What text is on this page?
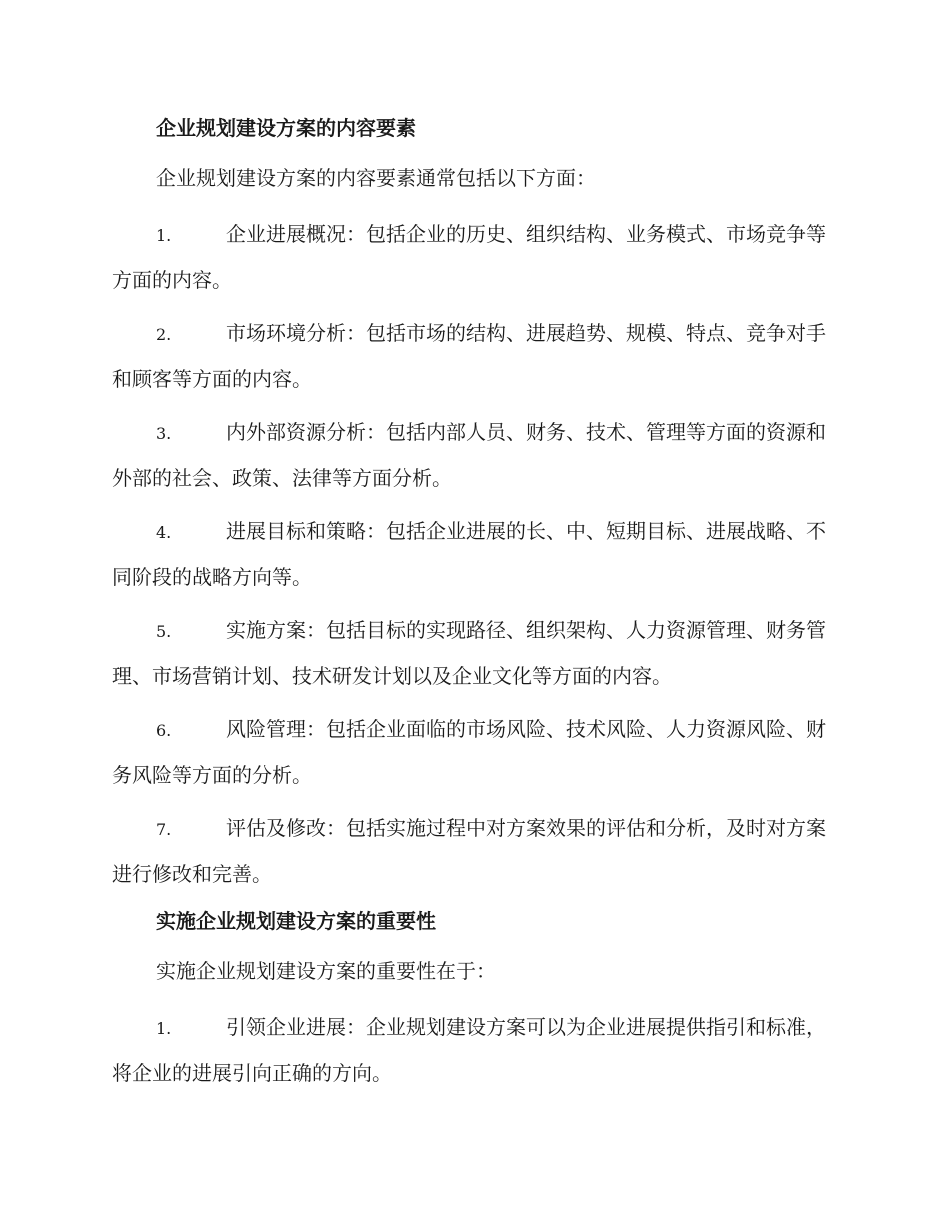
企业规划建设方案的内容要素
企业规划建设方案的内容要素通常包括以下方面：
1.	企业进展概况：包括企业的历史、组织结构、业务模式、市场竞争等方面的内容。
2.	市场环境分析：包括市场的结构、进展趋势、规模、特点、竞争对手和顾客等方面的内容。
3.	内外部资源分析：包括内部人员、财务、技术、管理等方面的资源和外部的社会、政策、法律等方面分析。
4.	进展目标和策略：包括企业进展的长、中、短期目标、进展战略、不同阶段的战略方向等。
5.	实施方案：包括目标的实现路径、组织架构、人力资源管理、财务管理、市场营销计划、技术研发计划以及企业文化等方面的内容。
6.	风险管理：包括企业面临的市场风险、技术风险、人力资源风险、财务风险等方面的分析。
7.	评估及修改：包括实施过程中对方案效果的评估和分析，及时对方案进行修改和完善。
实施企业规划建设方案的重要性
实施企业规划建设方案的重要性在于：
1.	引领企业进展：企业规划建设方案可以为企业进展提供指引和标准，将企业的进展引向正确的方向。
